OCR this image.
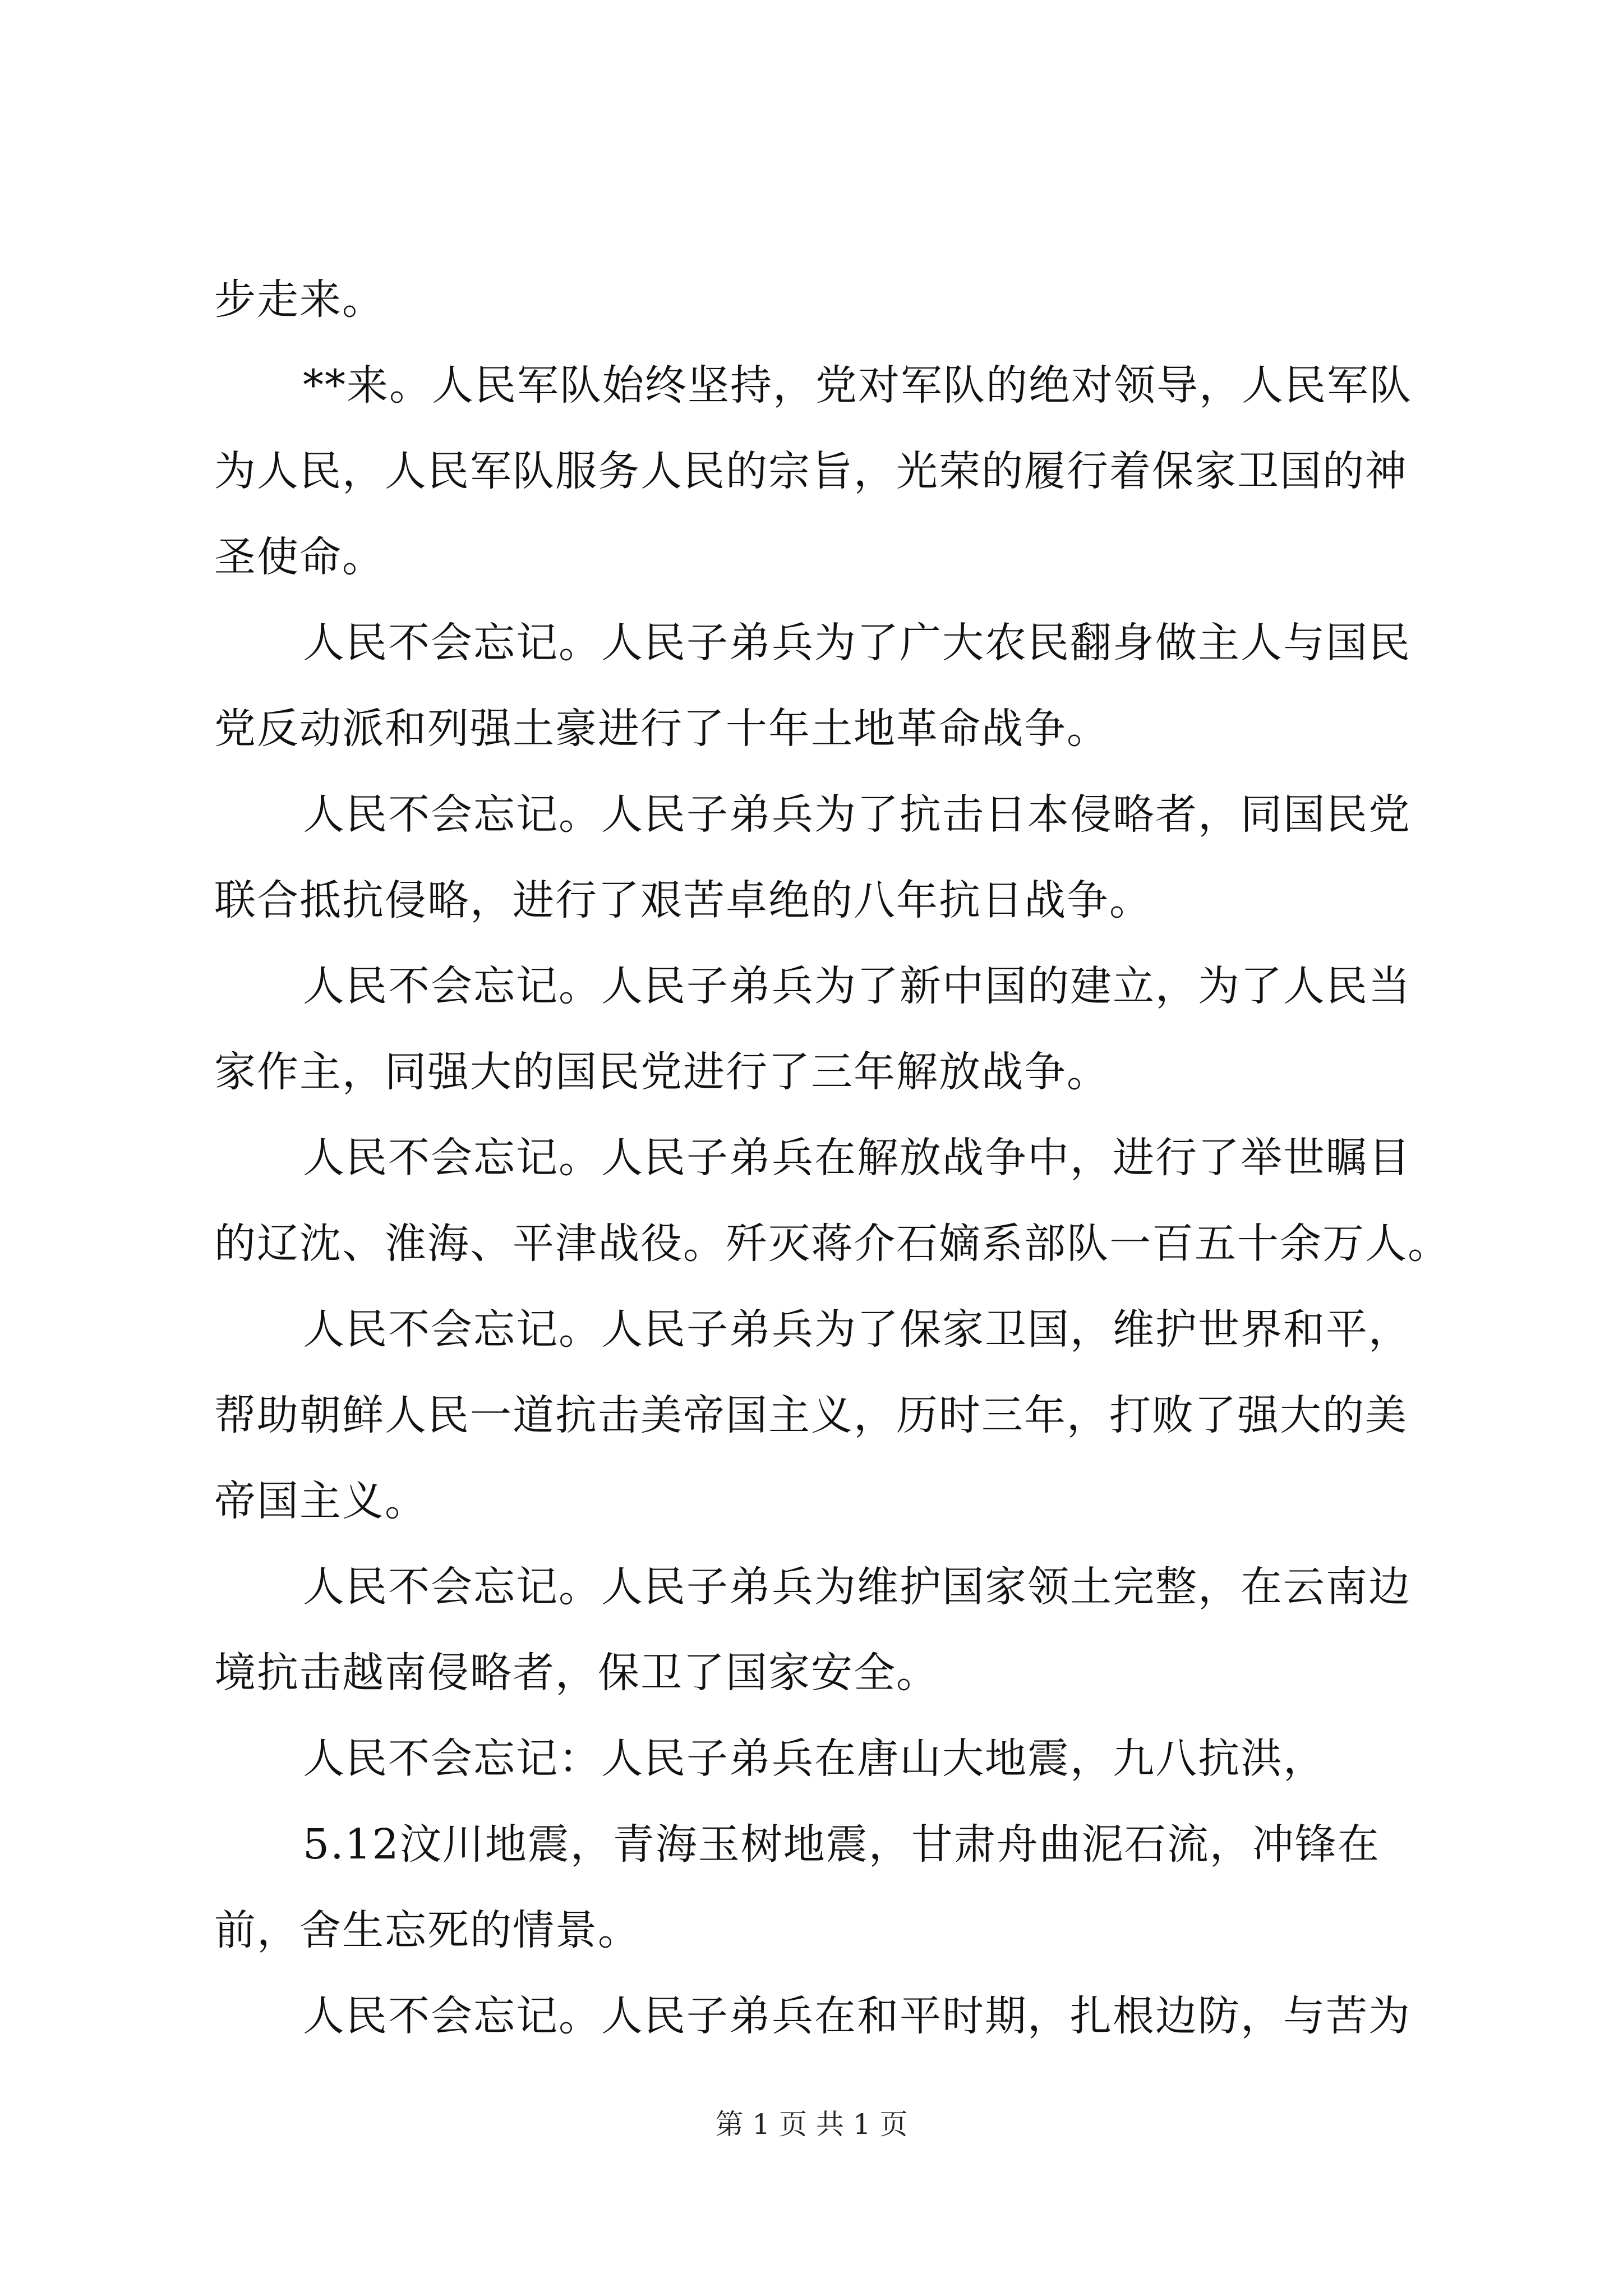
步走来。
**来。人民军队始终坚持，党对军队的绝对领导，人民军队
为人民，人民军队服务人民的宗旨，光荣的履行着保家卫国的神
圣使命。
人民不会忘记。人民子弟兵为了广大农民翻身做主人与国民
党反动派和列强土豪进行了十年土地革命战争。
人民不会忘记。人民子弟兵为了抗击日本侵略者，同国民党
联合抵抗侵略，进行了艰苦卓绝的八年抗日战争。
人民不会忘记。人民子弟兵为了新中国的建立，为了人民当
家作主，同强大的国民党进行了三年解放战争。
人民不会忘记。人民子弟兵在解放战争中，进行了举世瞩目
的辽沈、淮海、平津战役。歼灭蒋介石嫡系部队一百五十余万人。
人民不会忘记。人民子弟兵为了保家卫国，维护世界和平，
帮助朝鲜人民一道抗击美帝国主义，历时三年，打败了强大的美
帝国主义。
人民不会忘记。人民子弟兵为维护国家领土完整，在云南边
境抗击越南侵略者，保卫了国家安全。
人民不会忘记：人民子弟兵在唐山大地震，九八抗洪，
5.12汶川地震，青海玉树地震，甘肃舟曲泥石流，冲锋在
前，舍生忘死的情景。
人民不会忘记。人民子弟兵在和平时期，扎根边防，与苦为
第 1 页 共 1 页
